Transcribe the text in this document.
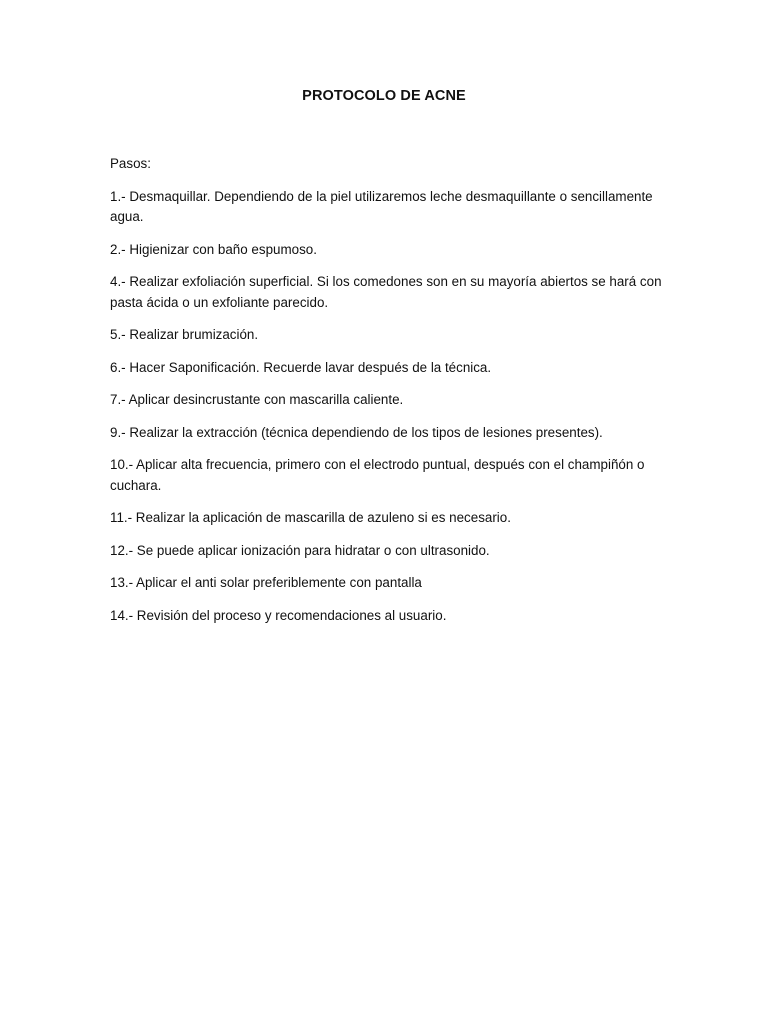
PROTOCOLO DE ACNE
Pasos:
1.- Desmaquillar. Dependiendo de la piel utilizaremos leche desmaquillante o sencillamente agua.
2.- Higienizar con baño espumoso.
4.- Realizar exfoliación superficial. Si los comedones son en su mayoría abiertos se hará con pasta ácida o un exfoliante parecido.
5.- Realizar brumización.
6.- Hacer Saponificación. Recuerde lavar después de la técnica.
7.- Aplicar desincrustante con mascarilla caliente.
9.- Realizar la extracción (técnica dependiendo de los tipos de lesiones presentes).
10.- Aplicar alta frecuencia, primero con el electrodo puntual, después con el champiñón o cuchara.
11.- Realizar la aplicación de mascarilla de azuleno si es necesario.
12.- Se puede aplicar ionización para hidratar o con ultrasonido.
13.- Aplicar el anti solar preferiblemente con pantalla
14.- Revisión del proceso y recomendaciones al usuario.
